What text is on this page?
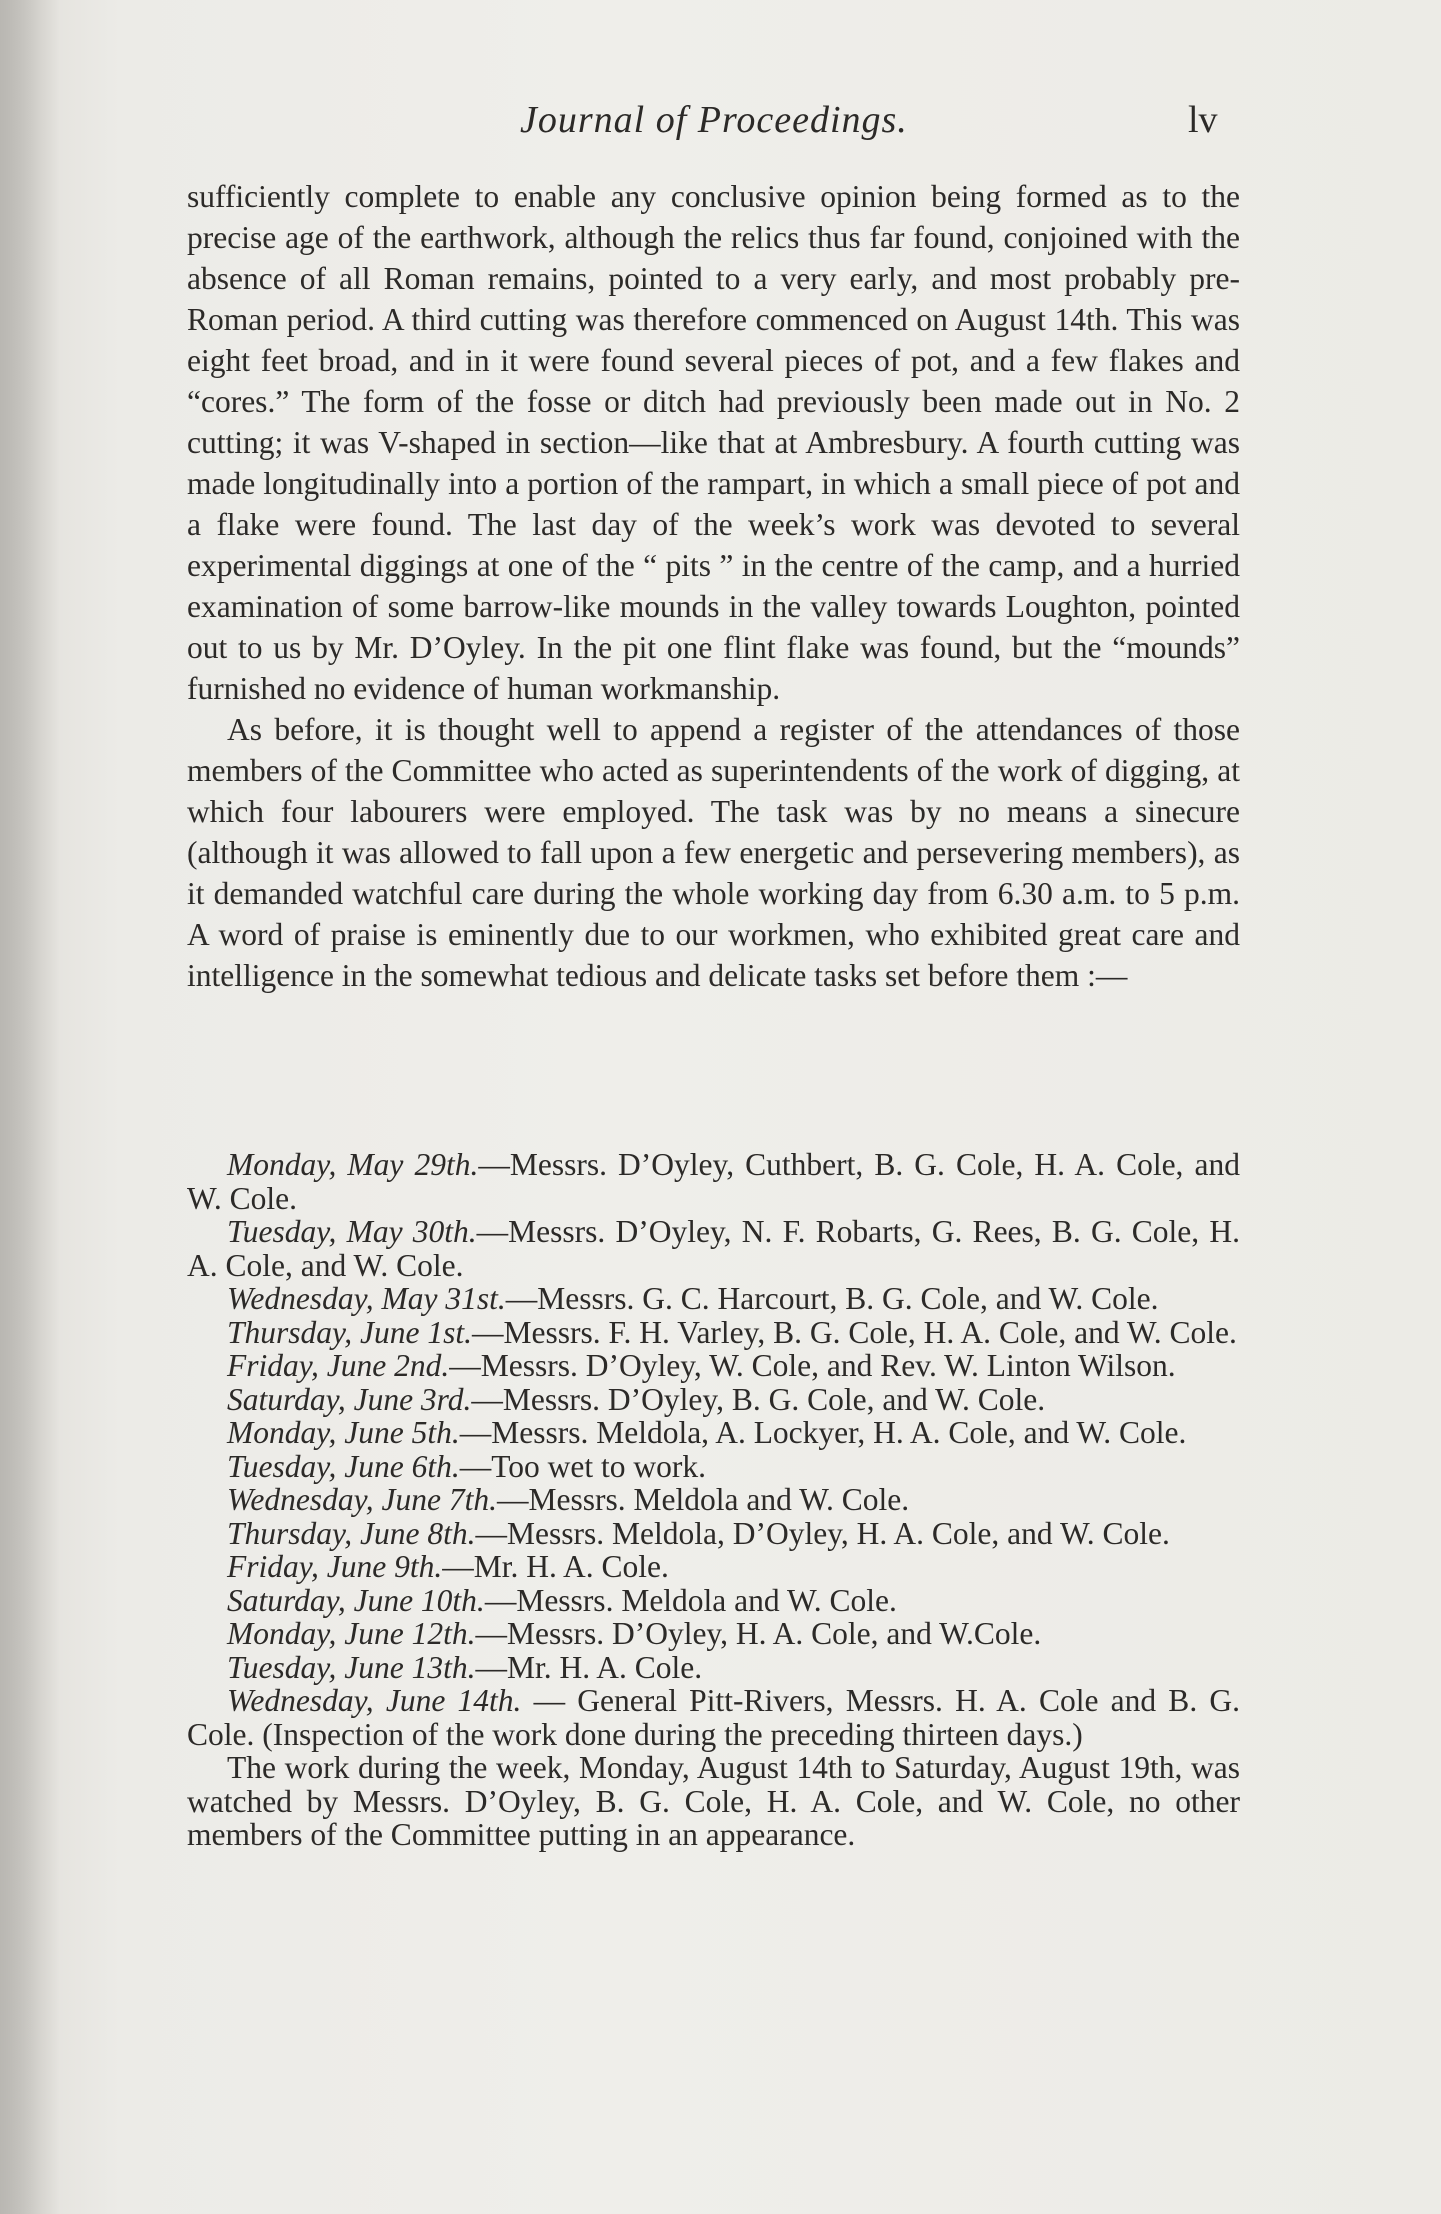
Journal of Proceedings.	lv

sufficiently complete to enable any conclusive opinion being formed as to the precise age of the earthwork, although the relics thus far found, conjoined with the absence of all Roman remains, pointed to a very early, and most probably pre-Roman period. A third cutting was therefore commenced on August 14th. This was eight feet broad, and in it were found several pieces of pot, and a few flakes and “cores.” The form of the fosse or ditch had previously been made out in No. 2 cutting; it was V-shaped in section—like that at Ambresbury. A fourth cutting was made longitudinally into a portion of the rampart, in which a small piece of pot and a flake were found. The last day of the week’s work was devoted to several experimental diggings at one of the “ pits ” in the centre of the camp, and a hurried examination of some barrow-like mounds in the valley towards Loughton, pointed out to us by Mr. D’Oyley. In the pit one flint flake was found, but the “mounds” furnished no evidence of human workmanship.

As before, it is thought well to append a register of the attendances of those members of the Committee who acted as superintendents of the work of digging, at which four labourers were employed. The task was by no means a sinecure (although it was allowed to fall upon a few energetic and persevering members), as it demanded watchful care during the whole working day from 6.30 a.m. to 5 p.m. A word of praise is eminently due to our workmen, who exhibited great care and intelligence in the somewhat tedious and delicate tasks set before them :—

Monday, May 29th.—Messrs. D’Oyley, Cuthbert, B. G. Cole, H. A. Cole, and W. Cole.

Tuesday, May 30th.—Messrs. D’Oyley, N. F. Robarts, G. Rees, B. G. Cole, H. A. Cole, and W. Cole.

Wednesday, May 31st.—Messrs. G. C. Harcourt, B. G. Cole, and W. Cole.

Thursday, June 1st.—Messrs. F. H. Varley, B. G. Cole, H. A. Cole, and W. Cole.

Friday, June 2nd.—Messrs. D’Oyley, W. Cole, and Rev. W. Linton Wilson.

Saturday, June 3rd.—Messrs. D’Oyley, B. G. Cole, and W. Cole.

Monday, June 5th.—Messrs. Meldola, A. Lockyer, H. A. Cole, and W. Cole.

Tuesday, June 6th.—Too wet to work.

Wednesday, June 7th.—Messrs. Meldola and W. Cole.

Thursday, June 8th.—Messrs. Meldola, D’Oyley, H. A. Cole, and W. Cole.

Friday, June 9th.—Mr. H. A. Cole.

Saturday, June 10th.—Messrs. Meldola and W. Cole.

Monday, June 12th.—Messrs. D’Oyley, H. A. Cole, and W.Cole.

Tuesday, June 13th.—Mr. H. A. Cole.

Wednesday, June 14th. — General Pitt-Rivers, Messrs. H. A. Cole and B. G. Cole. (Inspection of the work done during the preceding thirteen days.)

The work during the week, Monday, August 14th to Saturday, August 19th, was watched by Messrs. D’Oyley, B. G. Cole, H. A. Cole, and W. Cole, no other members of the Committee putting in an appearance.
